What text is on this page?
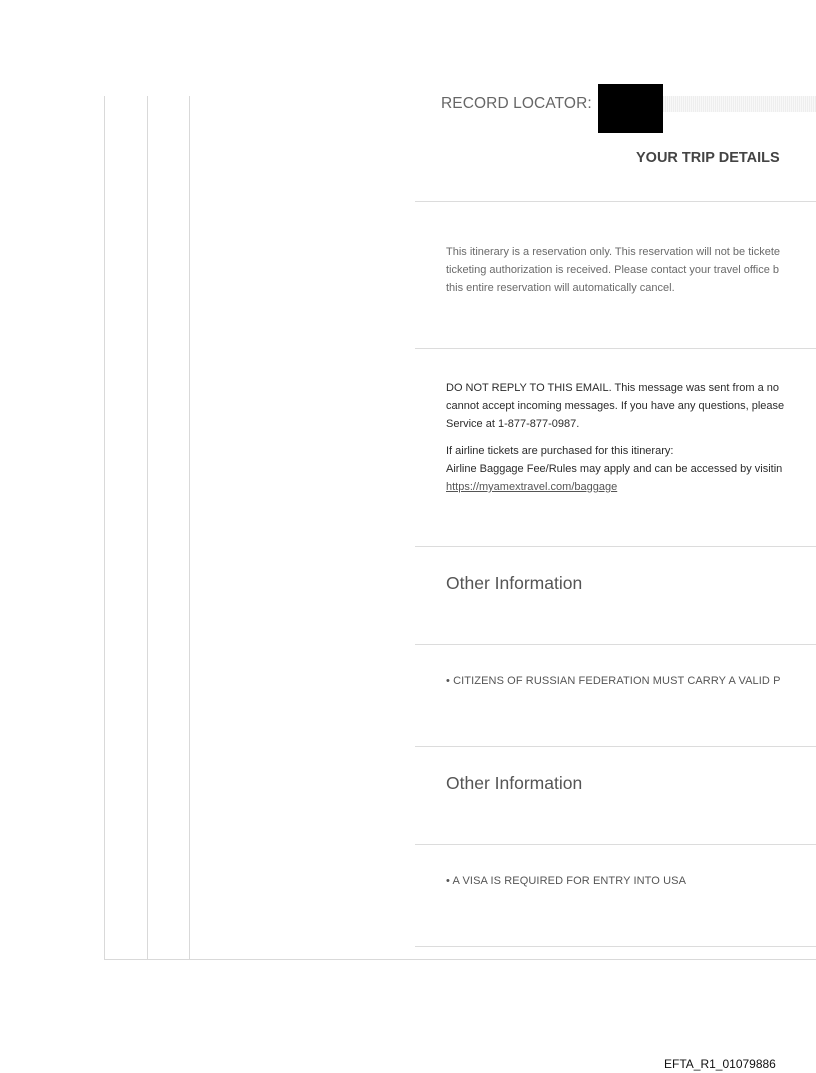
RECORD LOCATOR:
YOUR TRIP DETAILS

This itinerary is a reservation only. This reservation will not be tickete

ticketing authorization is received. Please contact your travel office b

this entire reservation will automatically cancel.

DO NOT REPLY TO THIS EMAIL. This message was sent from a no

cannot accept incoming messages. If you have any questions, please

Service at 1-877-877-0987.

If airline tickets are purchased for this itinerary:

Airline Baggage Fee/Rules may apply and can be accessed by visitin

https://myamextravel.com/baggage

Other Information
• CITIZENS OF RUSSIAN FEDERATION MUST CARRY A VALID P
Other Information
• A VISA IS REQUIRED FOR ENTRY INTO USA
EFTA_R1_01079886
